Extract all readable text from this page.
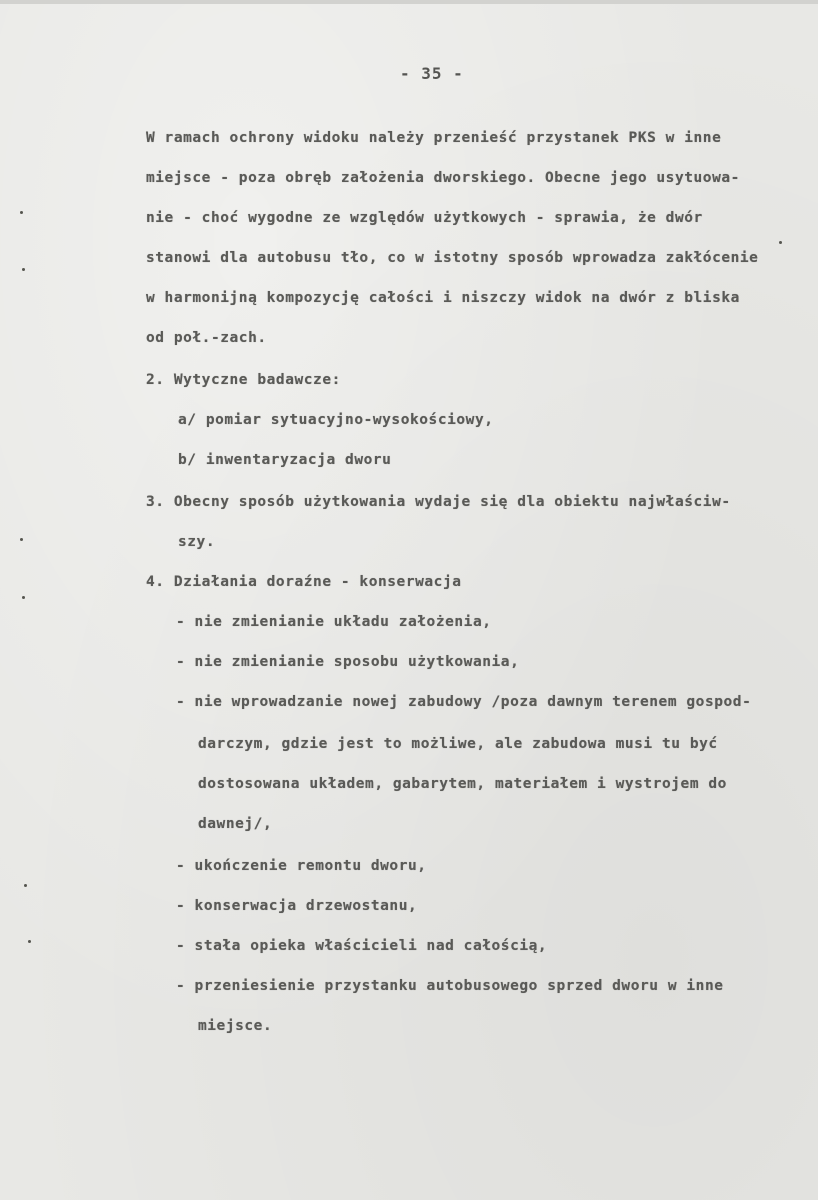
- 35 -
W ramach ochrony widoku należy przenieść przystanek PKS w inne
miejsce - poza obręb założenia dworskiego. Obecne jego usytuowa-
nie - choć wygodne ze względów użytkowych - sprawia, że dwór
stanowi dla autobusu tło, co w istotny sposób wprowadza zakłócenie
w harmonijną kompozycję całości i niszczy widok na dwór z bliska
od poł.-zach.
2. Wytyczne badawcze:
a/ pomiar sytuacyjno-wysokościowy,
b/ inwentaryzacja dworu
3. Obecny sposób użytkowania wydaje się dla obiektu najwłaściw-
szy.
4. Działania doraźne - konserwacja
- nie zmienianie układu założenia,
- nie zmienianie sposobu użytkowania,
- nie wprowadzanie nowej zabudowy /poza dawnym terenem gospod-
darczym, gdzie jest to możliwe, ale zabudowa musi tu być
dostosowana układem, gabarytem, materiałem i wystrojem do
dawnej/,
- ukończenie remontu dworu,
- konserwacja drzewostanu,
- stała opieka właścicieli nad całością,
- przeniesienie przystanku autobusowego sprzed dworu w inne
miejsce.
